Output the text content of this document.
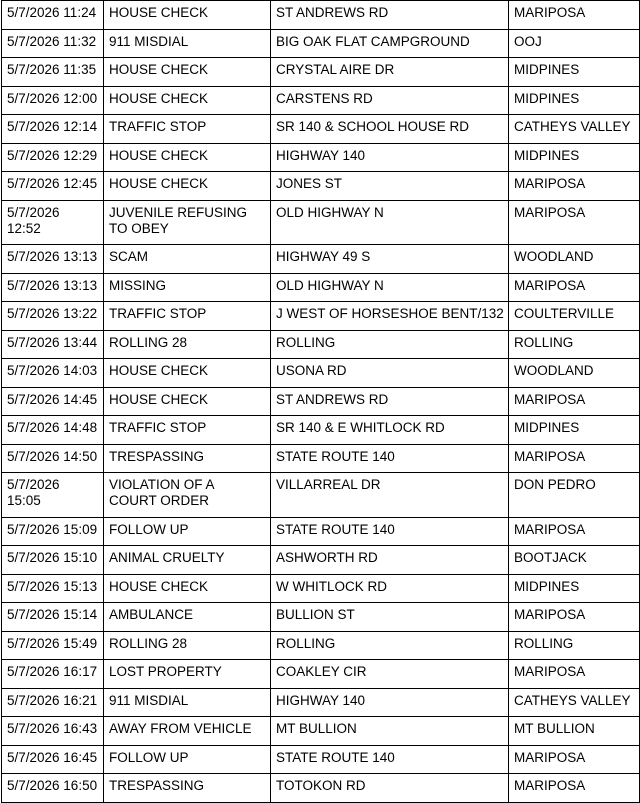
5/7/2026 11:24	HOUSE CHECK	ST ANDREWS RD	MARIPOSA
5/7/2026 11:32	911 MISDIAL	BIG OAK FLAT CAMPGROUND	OOJ
5/7/2026 11:35	HOUSE CHECK	CRYSTAL AIRE DR	MIDPINES
5/7/2026 12:00	HOUSE CHECK	CARSTENS RD	MIDPINES
5/7/2026 12:14	TRAFFIC STOP	SR 140 & SCHOOL HOUSE RD	CATHEYS VALLEY
5/7/2026 12:29	HOUSE CHECK	HIGHWAY 140	MIDPINES
5/7/2026 12:45	HOUSE CHECK	JONES ST	MARIPOSA
5/7/2026 12:52	JUVENILE REFUSING TO OBEY	OLD HIGHWAY N	MARIPOSA
5/7/2026 13:13	SCAM	HIGHWAY 49 S	WOODLAND
5/7/2026 13:13	MISSING	OLD HIGHWAY N	MARIPOSA
5/7/2026 13:22	TRAFFIC STOP	J WEST OF HORSESHOE BENT/132	COULTERVILLE
5/7/2026 13:44	ROLLING 28	ROLLING	ROLLING
5/7/2026 14:03	HOUSE CHECK	USONA RD	WOODLAND
5/7/2026 14:45	HOUSE CHECK	ST ANDREWS RD	MARIPOSA
5/7/2026 14:48	TRAFFIC STOP	SR 140 & E WHITLOCK RD	MIDPINES
5/7/2026 14:50	TRESPASSING	STATE ROUTE 140	MARIPOSA
5/7/2026 15:05	VIOLATION OF A COURT ORDER	VILLARREAL DR	DON PEDRO
5/7/2026 15:09	FOLLOW UP	STATE ROUTE 140	MARIPOSA
5/7/2026 15:10	ANIMAL CRUELTY	ASHWORTH RD	BOOTJACK
5/7/2026 15:13	HOUSE CHECK	W WHITLOCK RD	MIDPINES
5/7/2026 15:14	AMBULANCE	BULLION ST	MARIPOSA
5/7/2026 15:49	ROLLING 28	ROLLING	ROLLING
5/7/2026 16:17	LOST PROPERTY	COAKLEY CIR	MARIPOSA
5/7/2026 16:21	911 MISDIAL	HIGHWAY 140	CATHEYS VALLEY
5/7/2026 16:43	AWAY FROM VEHICLE	MT BULLION	MT BULLION
5/7/2026 16:45	FOLLOW UP	STATE ROUTE 140	MARIPOSA
5/7/2026 16:50	TRESPASSING	TOTOKON RD	MARIPOSA
